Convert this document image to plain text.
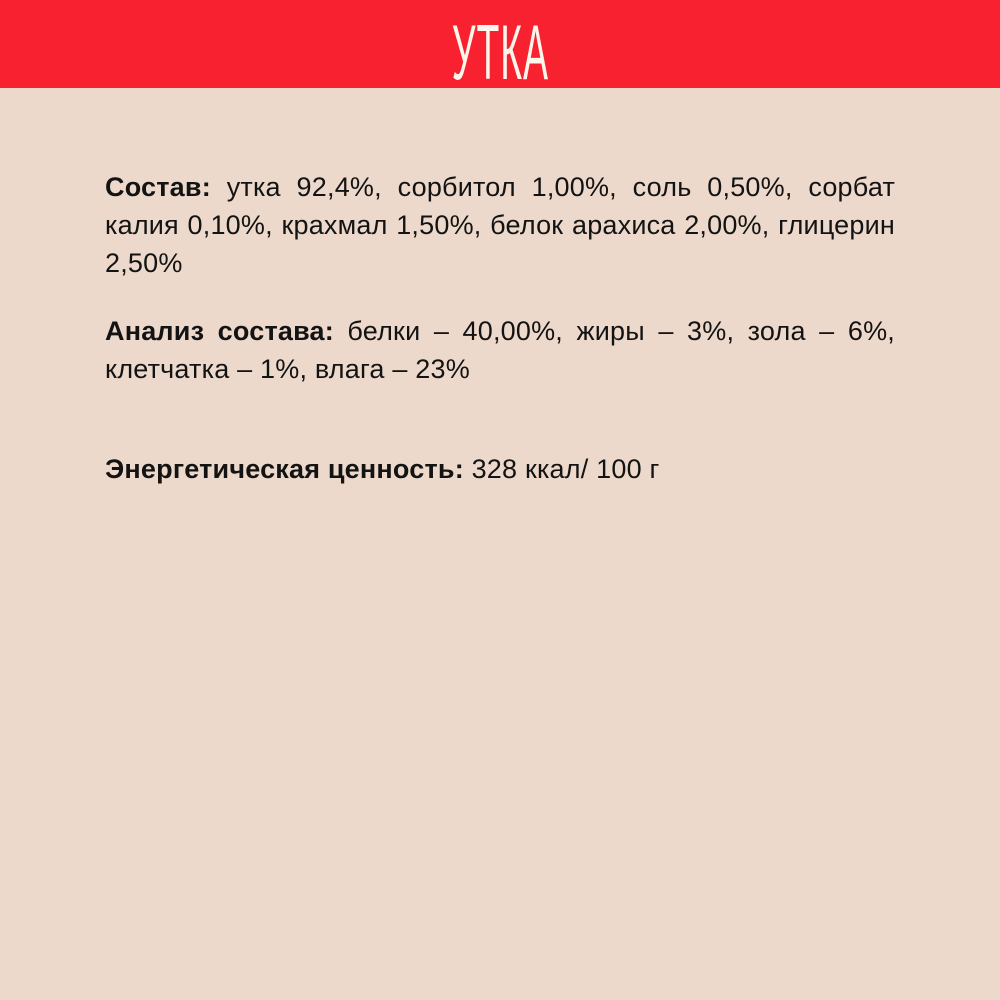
УТКА

Состав: утка 92,4%, сорбитол 1,00%, соль 0,50%, сорбат калия 0,10%, крахмал 1,50%, белок арахиса 2,00%, глицерин 2,50%

Анализ состава: белки – 40,00%, жиры – 3%, зола – 6%, клетчатка – 1%, влага – 23%

Энергетическая ценность: 328 ккал/ 100 г
